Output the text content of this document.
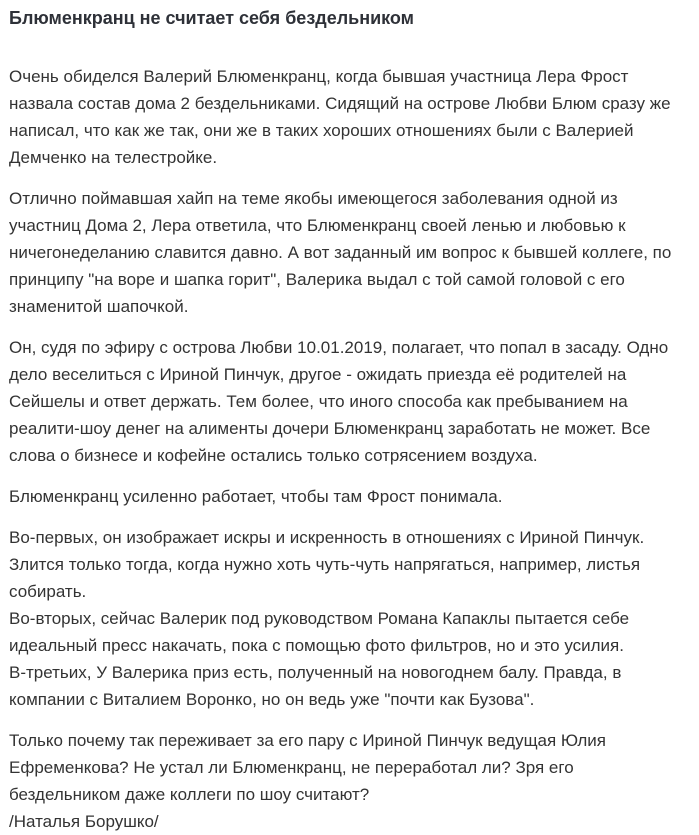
Блюменкранц не считает себя бездельником

Очень обиделся Валерий Блюменкранц, когда бывшая участница Лера Фрост назвала состав дома 2 бездельниками. Сидящий на острове Любви Блюм сразу же написал, что как же так, они же в таких хороших отношениях были с Валерией Демченко на телестройке.

Отлично поймавшая хайп на теме якобы имеющегося заболевания одной из участниц Дома 2, Лера ответила, что Блюменкранц своей ленью и любовью к ничегонеделанию славится давно. А вот заданный им вопрос к бывшей коллеге, по принципу "на воре и шапка горит", Валерика выдал с той самой головой с его знаменитой шапочкой.

Он, судя по эфиру с острова Любви 10.01.2019, полагает, что попал в засаду. Одно дело веселиться с Ириной Пинчук, другое - ожидать приезда её родителей на Сейшелы и ответ держать. Тем более, что иного способа как пребыванием на реалити-шоу денег на алименты дочери Блюменкранц заработать не может. Все слова о бизнесе и кофейне остались только сотрясением воздуха.

Блюменкранц усиленно работает, чтобы там Фрост понимала.

Во-первых, он изображает искры и искренность в отношениях с Ириной Пинчук. Злится только тогда, когда нужно хоть чуть-чуть напрягаться, например, листья собирать.

Во-вторых, сейчас Валерик под руководством Романа Капаклы пытается себе идеальный пресс накачать, пока с помощью фото фильтров, но и это усилия.

В-третьих, У Валерика приз есть, полученный на новогоднем балу. Правда, в компании с Виталием Воронко, но он ведь уже "почти как Бузова".

Только почему так переживает за его пару с Ириной Пинчук ведущая Юлия Ефременкова? Не устал ли Блюменкранц, не переработал ли? Зря его бездельником даже коллеги по шоу считают?

/Наталья Борушко/
